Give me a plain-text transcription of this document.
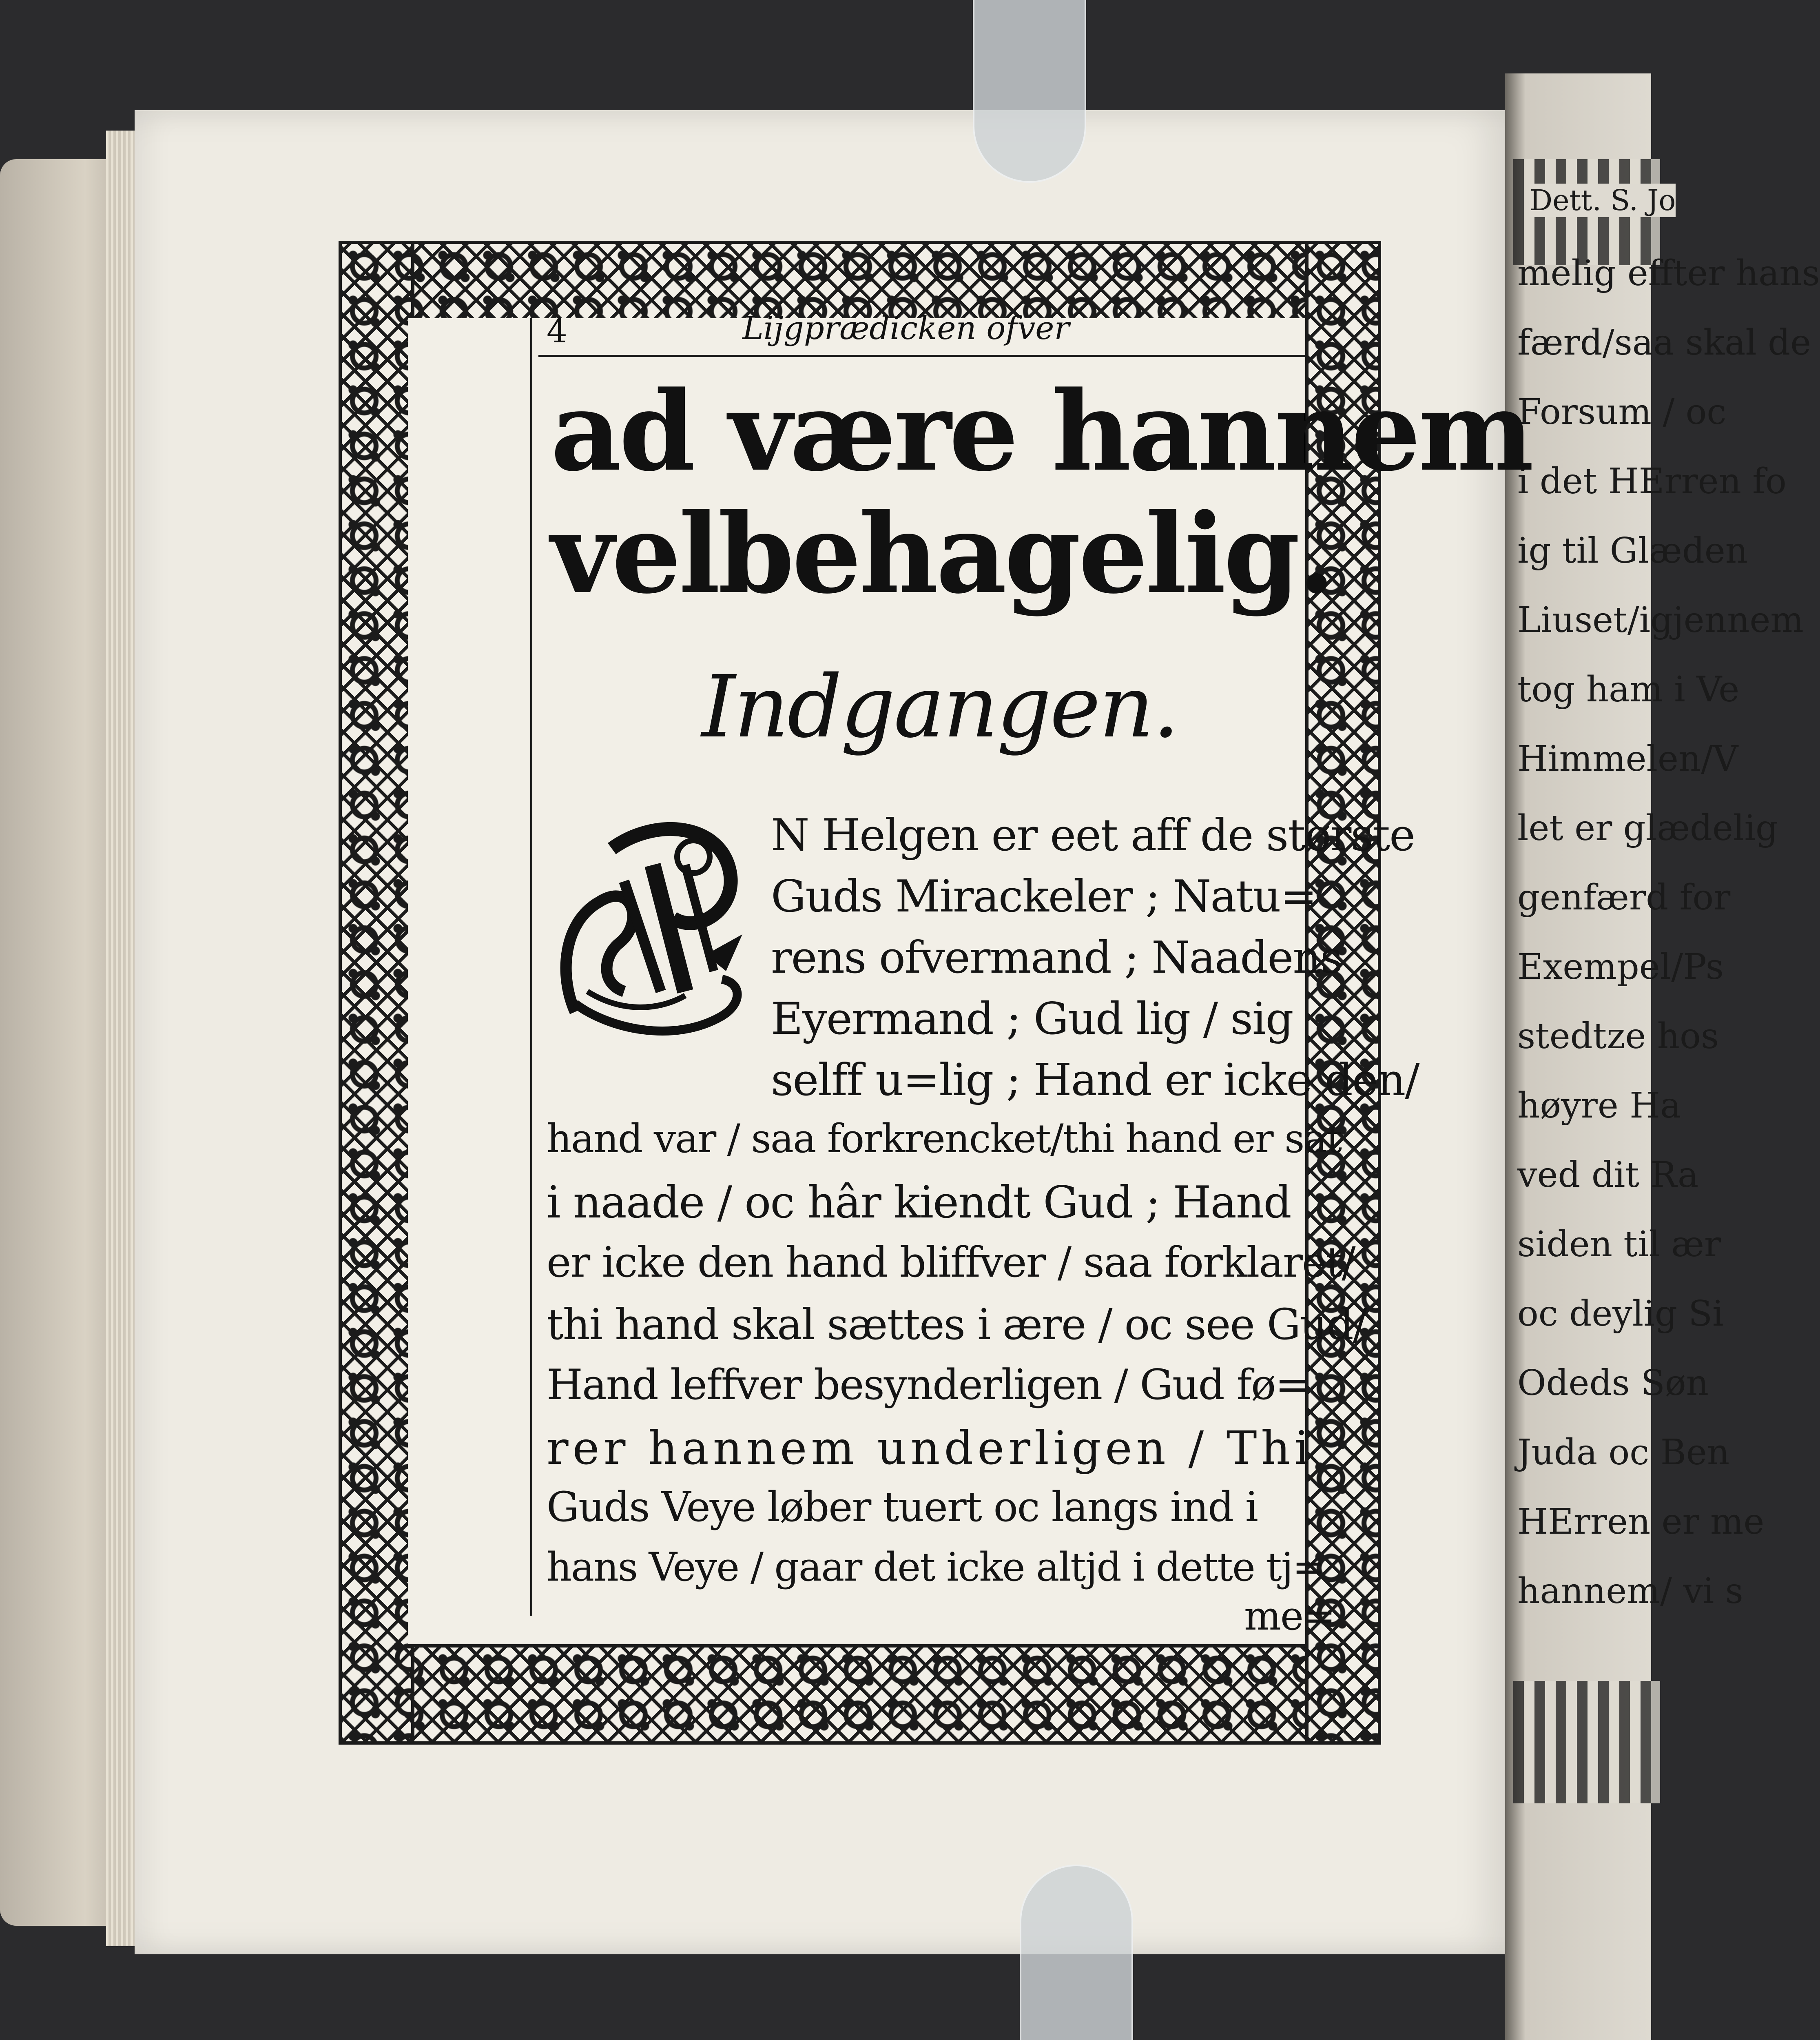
Dett. S. Jo
melig effter hans
færd/saa skal de
Forsum / oc
i det HErren fo
ig til Glæden
Liuset/igjennem
tog ham i Ve
Himmelen/V
let er glædelig
genfærd for
Exempel/Ps
stedtze hos
høyre Ha
ved dit Ra
siden til ær
oc deylig Si
Odeds Søn
Juda oc Ben
HErren er me
hannem/ vi s
4	Lijgprædicken ofver
ad være hannem
velbehagelig.
Indgangen.
N Helgen er eet aff de største
Guds Mirackeler ; Natu=
rens ofvermand ; Naadens
Eyermand ; Gud lig / sig
selff u=lig ; Hand er icke den/
hand var / saa forkrencket/thi hand er sat
i naade / oc hâr kiendt Gud ; Hand
er icke den hand bliffver / saa forklaret/
thi hand skal sættes i ære / oc see Gud/
Hand leffver besynderligen / Gud fø=
rer hannem underligen / Thi
Guds Veye løber tuert oc langs ind i
hans Veye / gaar det icke altjd i dette tj=
me=
